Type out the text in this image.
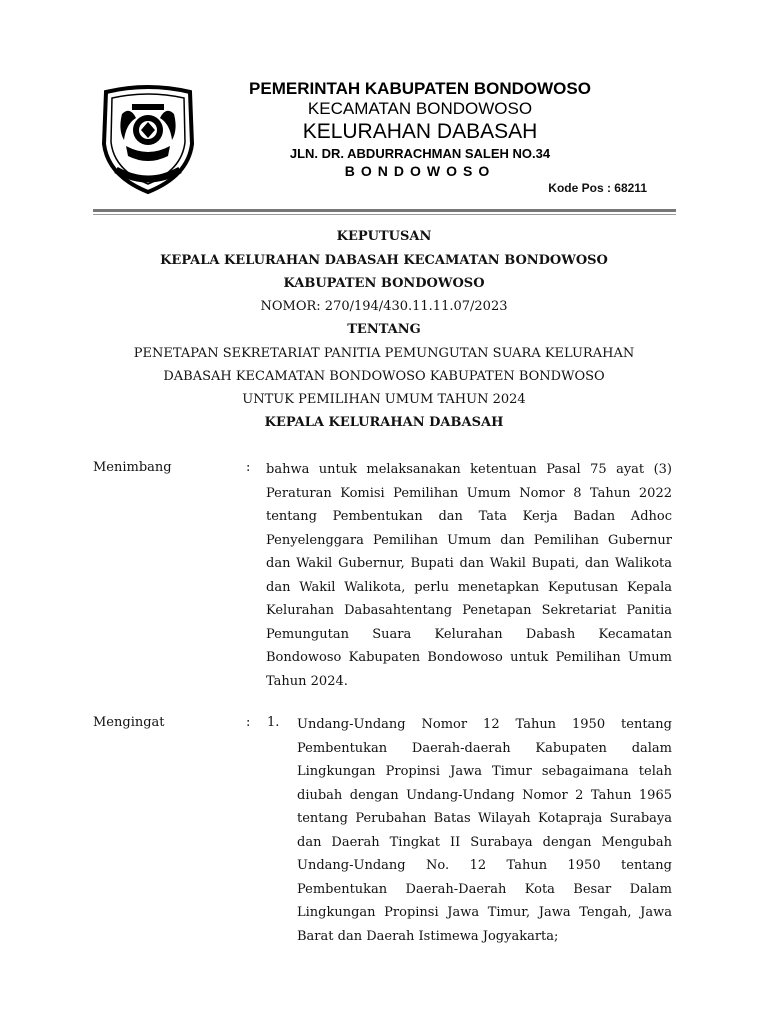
PEMERINTAH KABUPATEN BONDOWOSO
KECAMATAN BONDOWOSO
KELURAHAN DABASAH
JLN. DR. ABDURRACHMAN SALEH NO.34
BONDOWOSO
Kode Pos : 68211
KEPUTUSAN
KEPALA KELURAHAN DABASAH KECAMATAN BONDOWOSO
KABUPATEN BONDOWOSO
NOMOR: 270/194/430.11.11.07/2023
TENTANG
PENETAPAN SEKRETARIAT PANITIA PEMUNGUTAN SUARA KELURAHAN
DABASAH KECAMATAN BONDOWOSO KABUPATEN BONDWOSO
UNTUK PEMILIHAN UMUM TAHUN 2024
KEPALA KELURAHAN DABASAH
Menimbang	: bahwa untuk melaksanakan ketentuan Pasal 75 ayat (3) Peraturan Komisi Pemilihan Umum Nomor 8 Tahun 2022 tentang Pembentukan dan Tata Kerja Badan Adhoc Penyelenggara Pemilihan Umum dan Pemilihan Gubernur dan Wakil Gubernur, Bupati dan Wakil Bupati, dan Walikota dan Wakil Walikota, perlu menetapkan Keputusan Kepala Kelurahan Dabasahtentang Penetapan Sekretariat Panitia Pemungutan Suara Kelurahan Dabash Kecamatan Bondowoso Kabupaten Bondowoso untuk Pemilihan Umum Tahun 2024.
Mengingat	: 1. Undang-Undang Nomor 12 Tahun 1950 tentang Pembentukan Daerah-daerah Kabupaten dalam Lingkungan Propinsi Jawa Timur sebagaimana telah diubah dengan Undang-Undang Nomor 2 Tahun 1965 tentang Perubahan Batas Wilayah Kotapraja Surabaya dan Daerah Tingkat II Surabaya dengan Mengubah Undang-Undang No. 12 Tahun 1950 tentang Pembentukan Daerah-Daerah Kota Besar Dalam Lingkungan Propinsi Jawa Timur, Jawa Tengah, Jawa Barat dan Daerah Istimewa Jogyakarta;
